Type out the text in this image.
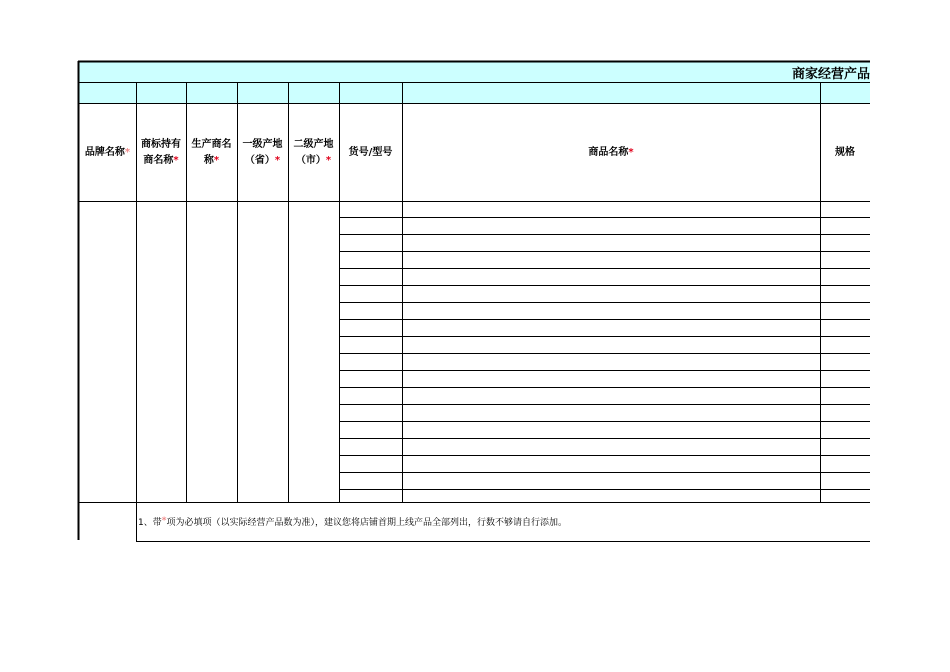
商家经营产品
品牌名称*
商标持有
商名称*
生产商名
称*
一级产地
（省）*
二级产地
（市）*
货号/型号	商品名称*	规格
1、带 * 项为必填项（以实际经营产品数为准），建议您将店铺首期上线产品全部列出，行数不够请自行添加。
